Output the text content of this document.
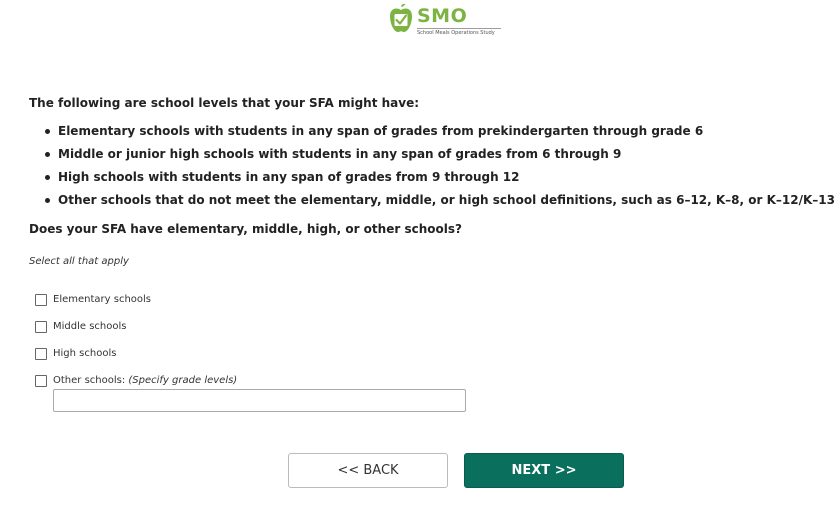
SMO
School Meals Operations Study
The following are school levels that your SFA might have:
Elementary schools with students in any span of grades from prekindergarten through grade 6
Middle or junior high schools with students in any span of grades from 6 through 9
High schools with students in any span of grades from 9 through 12
Other schools that do not meet the elementary, middle, or high school definitions, such as 6–12, K–8, or K–12/K–13
Does your SFA have elementary, middle, high, or other schools?
Select all that apply
Elementary schools
Middle schools
High schools
Other schools: (Specify grade levels)
<< BACK	NEXT >>
